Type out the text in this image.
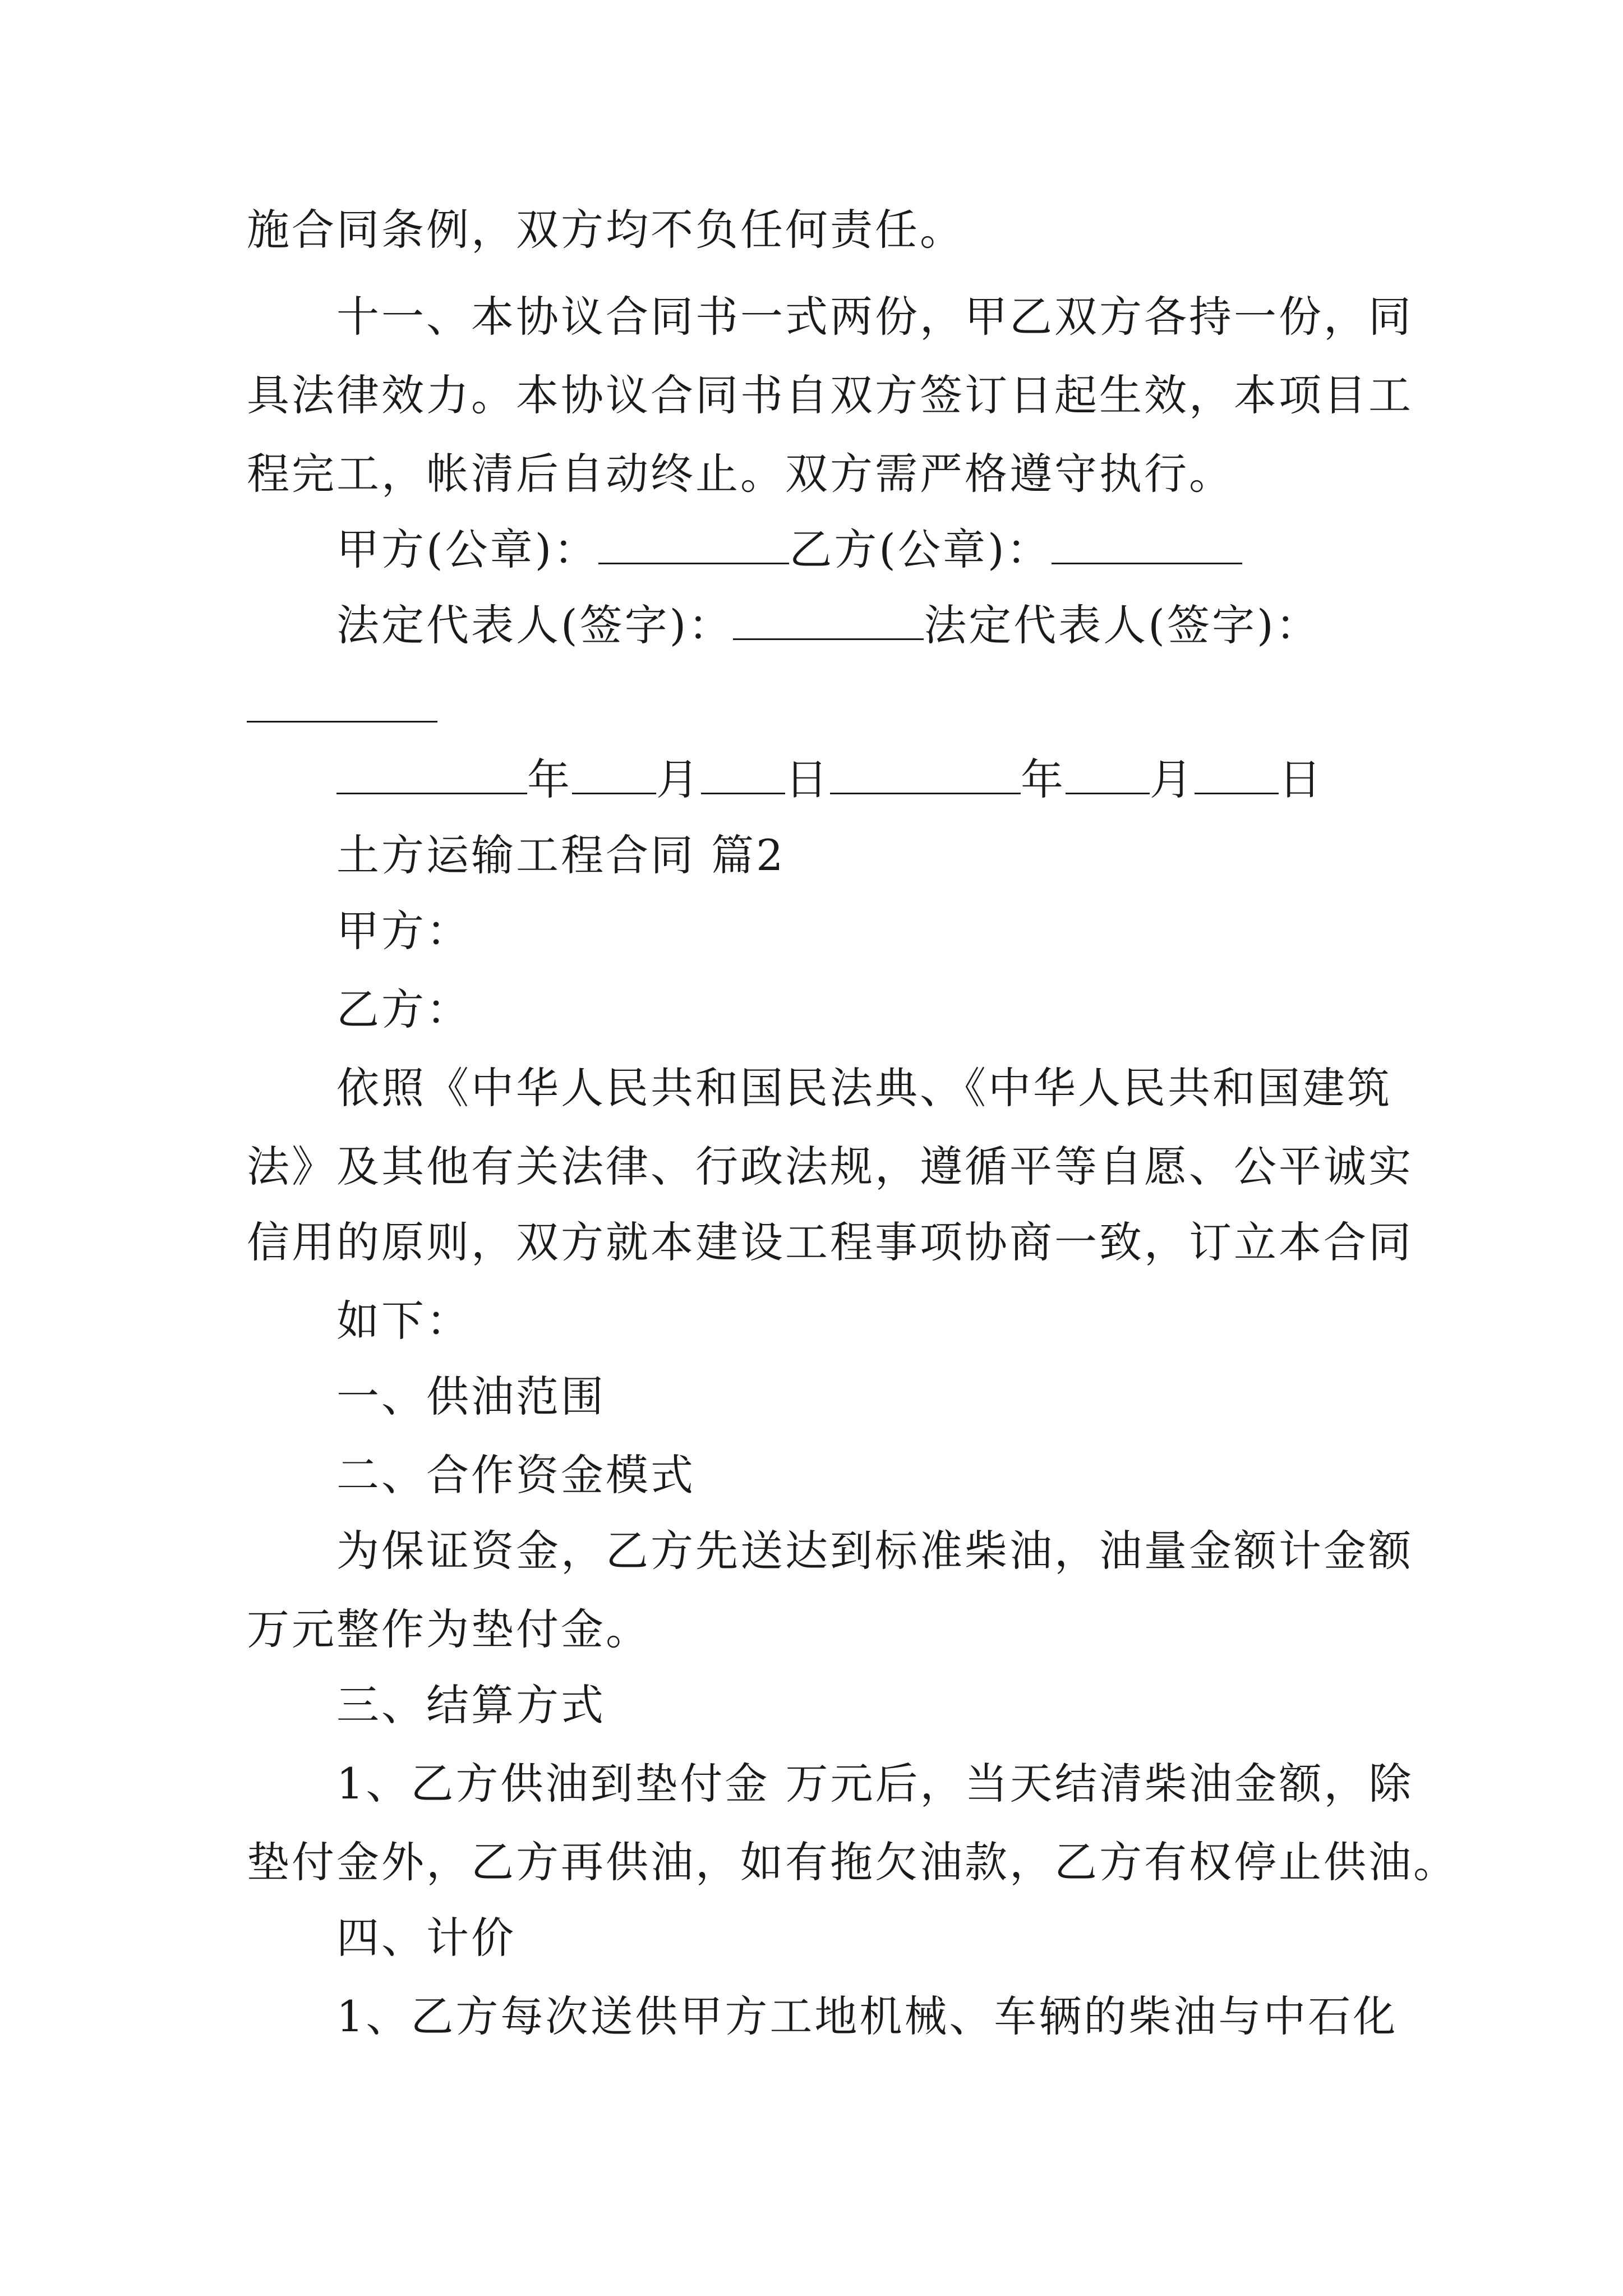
施合同条例，双方均不负任何责任。
十一、本协议合同书一式两份，甲乙双方各持一份，同
具法律效力。本协议合同书自双方签订日起生效，本项目工
程完工，帐清后自动终止。双方需严格遵守执行。
甲方(公章)：	乙方(公章)：
法定代表人(签字)：	法定代表人(签字)：
年 月 日	年 月 日
土方运输工程合同 篇2
甲方：
乙方：
依照《中华人民共和国民法典、《中华人民共和国建筑
法》及其他有关法律、行政法规，遵循平等自愿、公平诚实
信用的原则，双方就本建设工程事项协商一致，订立本合同
如下：
一、供油范围
二、合作资金模式
为保证资金，乙方先送达到标准柴油，油量金额计金额
万元整作为垫付金。
三、结算方式
1、乙方供油到垫付金 万元后，当天结清柴油金额，除
垫付金外，乙方再供油，如有拖欠油款，乙方有权停止供油。
四、计价
1、乙方每次送供甲方工地机械、车辆的柴油与中石化
